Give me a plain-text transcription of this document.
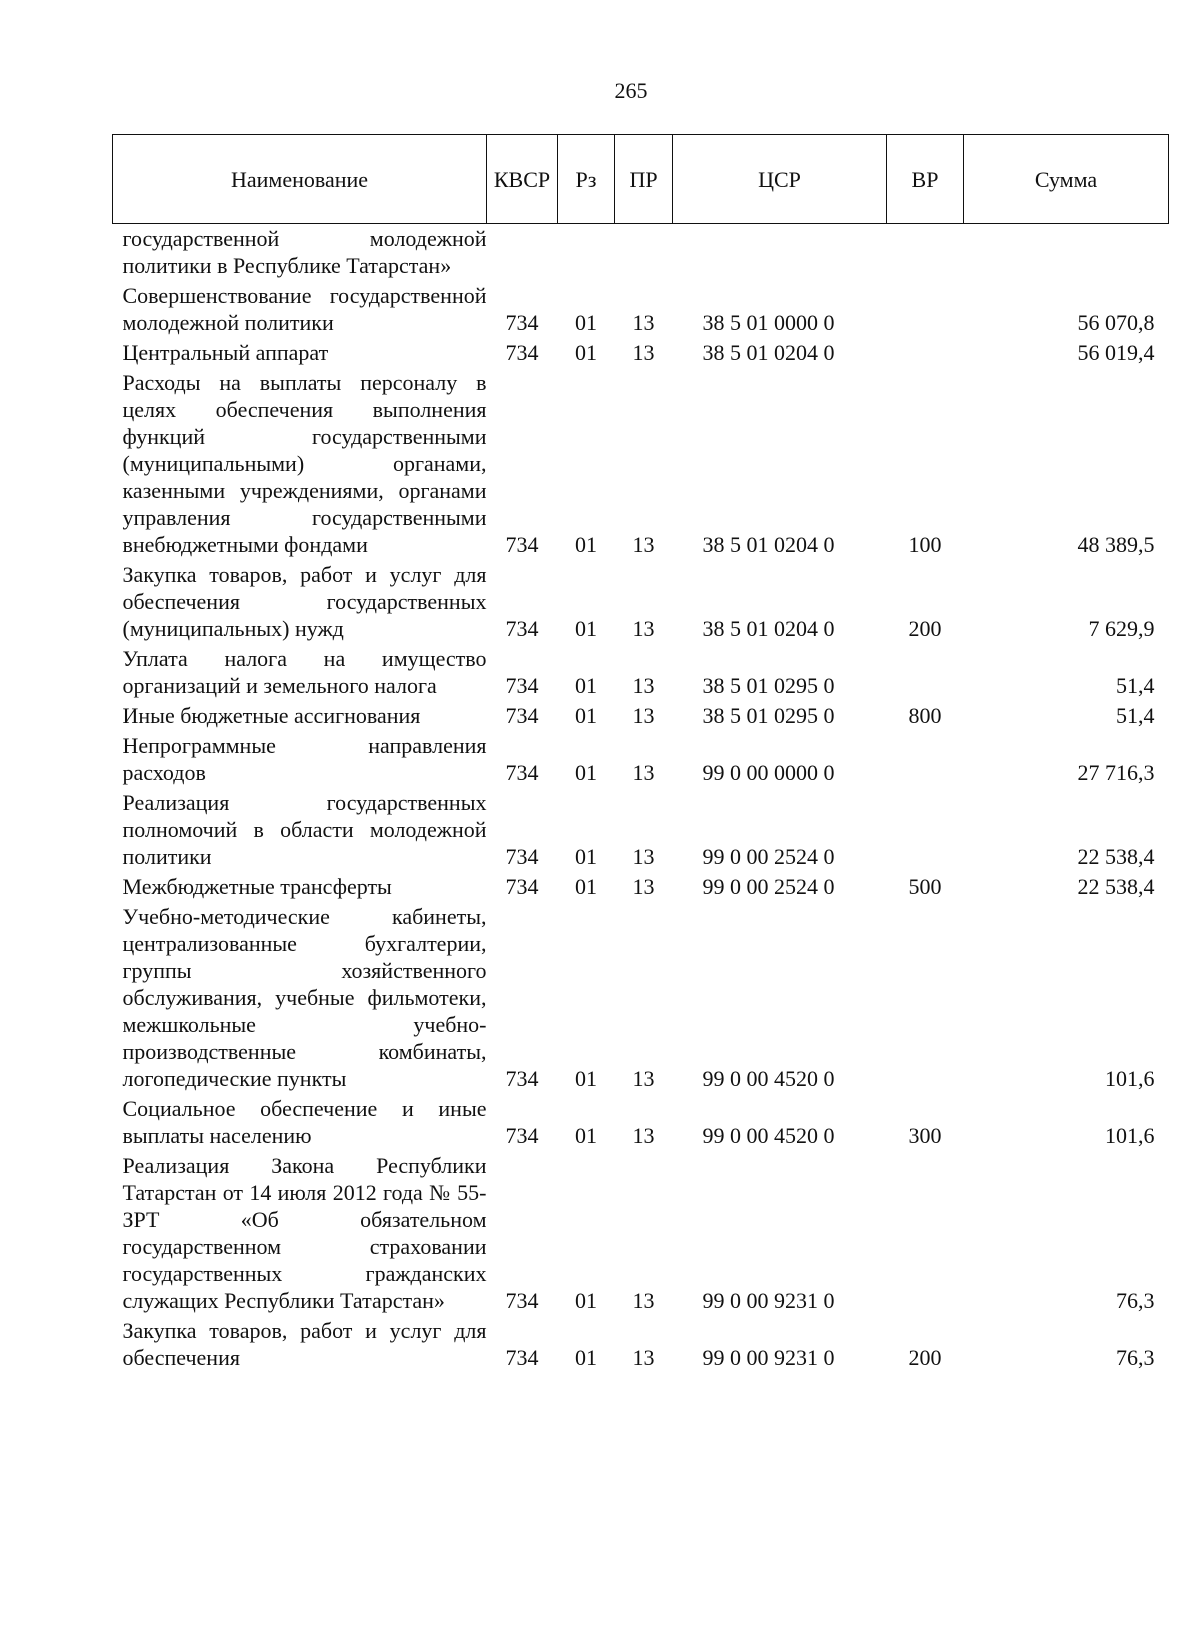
265
Наименование	КВСР	Рз	ПР	ЦСР	ВР	Сумма
государственной молодежной политики в Республике Татарстан»						
Совершенствование государственной молодежной политики	734	01	13	38 5 01 0000 0		56 070,8
Центральный аппарат	734	01	13	38 5 01 0204 0		56 019,4
Расходы на выплаты персоналу в целях обеспечения выполнения функций государственными (муниципальными) органами, казенными учреждениями, органами управления государственными внебюджетными фондами	734	01	13	38 5 01 0204 0	100	48 389,5
Закупка товаров, работ и услуг для обеспечения государственных (муниципальных) нужд	734	01	13	38 5 01 0204 0	200	7 629,9
Уплата налога на имущество организаций и земельного налога	734	01	13	38 5 01 0295 0		51,4
Иные бюджетные ассигнования	734	01	13	38 5 01 0295 0	800	51,4
Непрограммные направления расходов	734	01	13	99 0 00 0000 0		27 716,3
Реализация государственных полномочий в области молодежной политики	734	01	13	99 0 00 2524 0		22 538,4
Межбюджетные трансферты	734	01	13	99 0 00 2524 0	500	22 538,4
Учебно-методические кабинеты, централизованные бухгалтерии, группы хозяйственного обслуживания, учебные фильмотеки, межшкольные учебно-производственные комбинаты, логопедические пункты	734	01	13	99 0 00 4520 0		101,6
Социальное обеспечение и иные выплаты населению	734	01	13	99 0 00 4520 0	300	101,6
Реализация Закона Республики Татарстан от 14 июля 2012 года № 55-ЗРТ «Об обязательном государственном страховании государственных гражданских служащих Республики Татарстан»	734	01	13	99 0 00 9231 0		76,3
Закупка товаров, работ и услуг для обеспечения	734	01	13	99 0 00 9231 0	200	76,3
